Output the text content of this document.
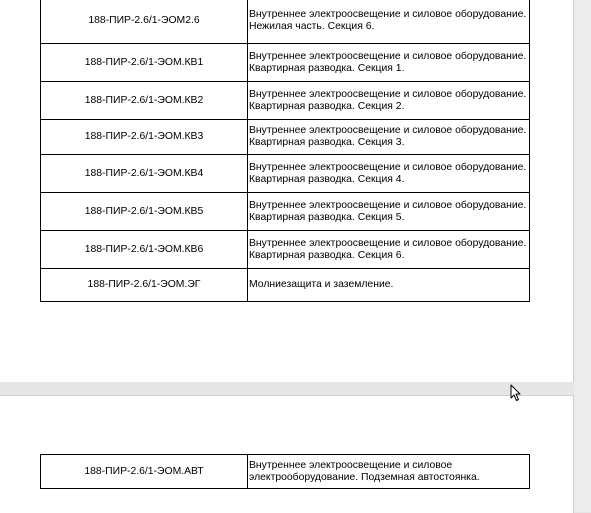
188-ПИР-2.6/1-ЭОМ2.6	Внутреннее электроосвещение и силовое оборудование.
Нежилая часть. Секция 6.
188-ПИР-2.6/1-ЭОМ.КВ1	Внутреннее электроосвещение и силовое оборудование.
Квартирная разводка. Секция 1.
188-ПИР-2.6/1-ЭОМ.КВ2	Внутреннее электроосвещение и силовое оборудование.
Квартирная разводка. Секция 2.
188-ПИР-2.6/1-ЭОМ.КВ3	Внутреннее электроосвещение и силовое оборудование.
Квартирная разводка. Секция 3.
188-ПИР-2.6/1-ЭОМ.КВ4	Внутреннее электроосвещение и силовое оборудование.
Квартирная разводка. Секция 4.
188-ПИР-2.6/1-ЭОМ.КВ5	Внутреннее электроосвещение и силовое оборудование.
Квартирная разводка. Секция 5.
188-ПИР-2.6/1-ЭОМ.КВ6	Внутреннее электроосвещение и силовое оборудование.
Квартирная разводка. Секция 6.
188-ПИР-2.6/1-ЭОМ.ЭГ	Молниезащита и заземление.
188-ПИР-2.6/1-ЭОМ.АВТ	Внутреннее электроосвещение и силовое
электрооборудование. Подземная автостоянка.
